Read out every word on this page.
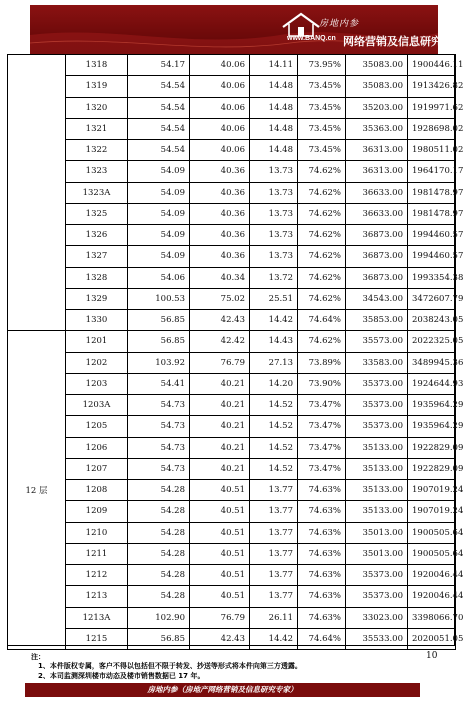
房地内参
www.BANQ.cn 网络营销及信息研究专家
	1318	54.17	40.06	14.11	73.95%	35083.00	1900446.11
	1319	54.54	40.06	14.48	73.45%	35083.00	1913426.82
	1320	54.54	40.06	14.48	73.45%	35203.00	1919971.62
	1321	54.54	40.06	14.48	73.45%	35363.00	1928698.02
	1322	54.54	40.06	14.48	73.45%	36313.00	1980511.02
	1323	54.09	40.36	13.73	74.62%	36313.00	1964170.17
	1323A	54.09	40.36	13.73	74.62%	36633.00	1981478.97
	1325	54.09	40.36	13.73	74.62%	36633.00	1981478.97
	1326	54.09	40.36	13.73	74.62%	36873.00	1994460.57
	1327	54.09	40.36	13.73	74.62%	36873.00	1994460.57
	1328	54.06	40.34	13.72	74.62%	36873.00	1993354.38
	1329	100.53	75.02	25.51	74.62%	34543.00	3472607.79
	1330	56.85	42.43	14.42	74.64%	35853.00	2038243.05
12 层	1201	56.85	42.42	14.43	74.62%	35573.00	2022325.05
	1202	103.92	76.79	27.13	73.89%	33583.00	3489945.36
	1203	54.41	40.21	14.20	73.90%	35373.00	1924644.93
	1203A	54.73	40.21	14.52	73.47%	35373.00	1935964.29
	1205	54.73	40.21	14.52	73.47%	35373.00	1935964.29
	1206	54.73	40.21	14.52	73.47%	35133.00	1922829.09
	1207	54.73	40.21	14.52	73.47%	35133.00	1922829.09
	1208	54.28	40.51	13.77	74.63%	35133.00	1907019.24
	1209	54.28	40.51	13.77	74.63%	35133.00	1907019.24
	1210	54.28	40.51	13.77	74.63%	35013.00	1900505.64
	1211	54.28	40.51	13.77	74.63%	35013.00	1900505.64
	1212	54.28	40.51	13.77	74.63%	35373.00	1920046.44
	1213	54.28	40.51	13.77	74.63%	35373.00	1920046.44
	1213A	102.90	76.79	26.11	74.63%	33023.00	3398066.70
	1215	56.85	42.43	14.42	74.64%	35533.00	2020051.05
10
注：
1、本件版权专属，客户不得以包括但不限于转发、抄送等形式将本件向第三方透露。
2、本司监测深圳楼市动态及楼市销售数据已 17 年。
房地内参（房地产网络营销及信息研究专家）
